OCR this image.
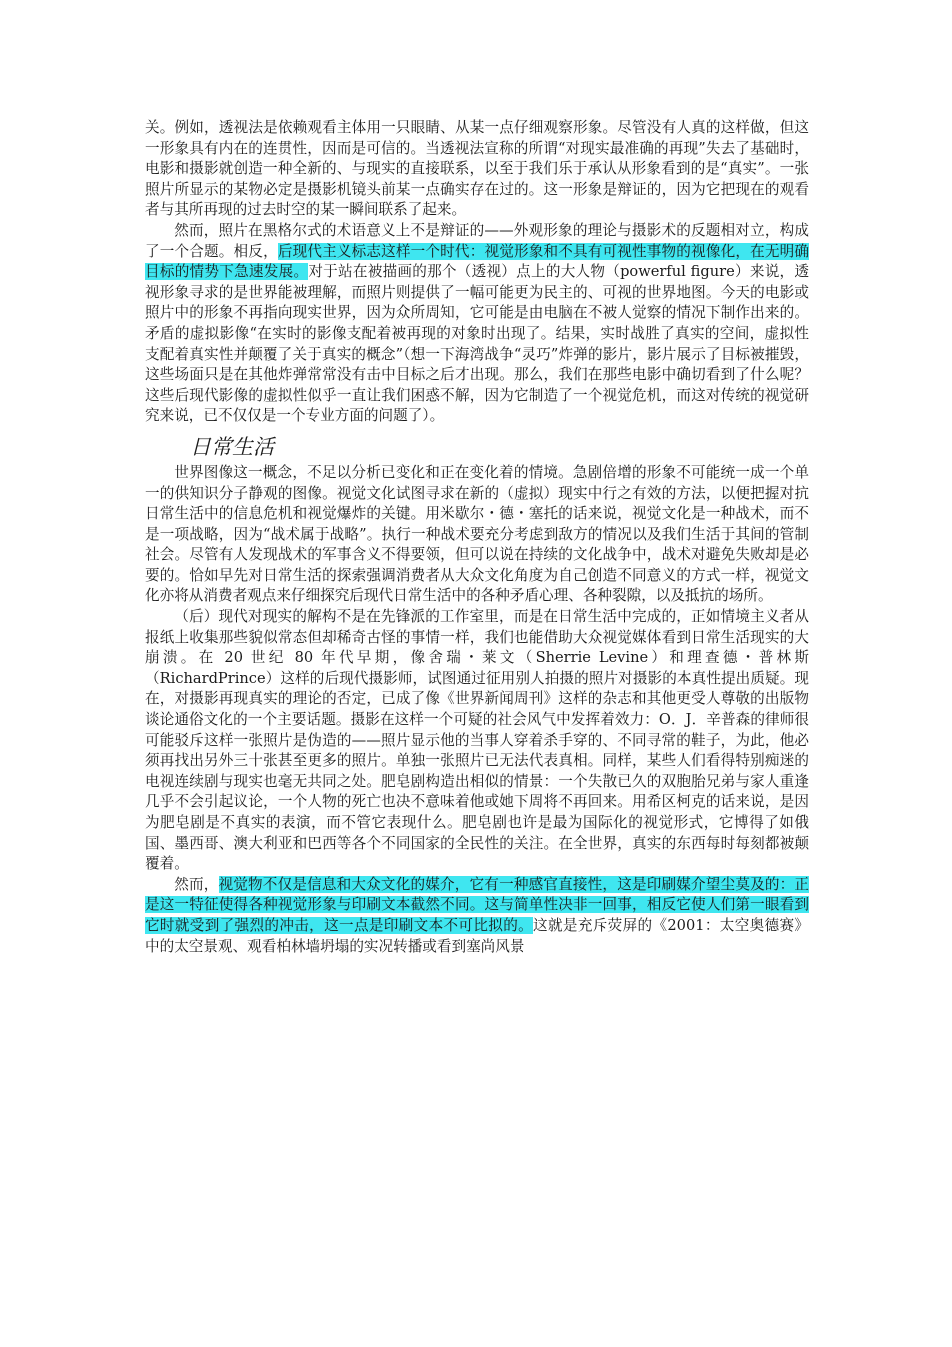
关。例如，透视法是依赖观看主体用一只眼睛、从某一点仔细观察形象。尽管没有人真的这样做，但这一形象具有内在的连贯性，因而是可信的。当透视法宣称的所谓“对现实最准确的再现”失去了基础时，电影和摄影就创造一种全新的、与现实的直接联系，以至于我们乐于承认从形象看到的是“真实”。一张照片所显示的某物必定是摄影机镜头前某一点确实存在过的。这一形象是辩证的，因为它把现在的观看者与其所再现的过去时空的某一瞬间联系了起来。

然而，照片在黑格尔式的术语意义上不是辩证的——外观形象的理论与摄影术的反题相对立，构成了一个合题。相反，后现代主义标志这样一个时代：视觉形象和不具有可视性事物的视像化，在无明确目标的情势下急速发展。对于站在被描画的那个（透视）点上的大人物（powerful figure）来说，透视形象寻求的是世界能被理解，而照片则提供了一幅可能更为民主的、可视的世界地图。今天的电影或照片中的形象不再指向现实世界，因为众所周知，它可能是由电脑在不被人觉察的情况下制作出来的。矛盾的虚拟影像“在实时的影像支配着被再现的对象时出现了。结果，实时战胜了真实的空间，虚拟性支配着真实性并颠覆了关于真实的概念”（想一下海湾战争“灵巧”炸弹的影片，影片展示了目标被摧毁，这些场面只是在其他炸弹常常没有击中目标之后才出现。那么，我们在那些电影中确切看到了什么呢？这些后现代影像的虚拟性似乎一直让我们困惑不解，因为它制造了一个视觉危机，而这对传统的视觉研究来说，已不仅仅是一个专业方面的问题了）。

日常生活

世界图像这一概念，不足以分析已变化和正在变化着的情境。急剧倍增的形象不可能统一成一个单一的供知识分子静观的图像。视觉文化试图寻求在新的（虚拟）现实中行之有效的方法，以便把握对抗日常生活中的信息危机和视觉爆炸的关键。用米歇尔・德・塞托的话来说，视觉文化是一种战术，而不是一项战略，因为“战术属于战略”。执行一种战术要充分考虑到敌方的情况以及我们生活于其间的管制社会。尽管有人发现战术的军事含义不得要领，但可以说在持续的文化战争中，战术对避免失败却是必要的。恰如早先对日常生活的探索强调消费者从大众文化角度为自己创造不同意义的方式一样，视觉文化亦将从消费者观点来仔细探究后现代日常生活中的各种矛盾心理、各种裂隙，以及抵抗的场所。

（后）现代对现实的解构不是在先锋派的工作室里，而是在日常生活中完成的，正如情境主义者从报纸上收集那些貌似常态但却稀奇古怪的事情一样，我们也能借助大众视觉媒体看到日常生活现实的大崩溃。在 20 世纪 80 年代早期，像舍瑞・莱文（Sherrie Levine）和理查德・普林斯（RichardPrince）这样的后现代摄影师，试图通过征用别人拍摄的照片对摄影的本真性提出质疑。现在，对摄影再现真实的理论的否定，已成了像《世界新闻周刊》这样的杂志和其他更受人尊敬的出版物谈论通俗文化的一个主要话题。摄影在这样一个可疑的社会风气中发挥着效力：O．J．辛普森的律师很可能驳斥这样一张照片是伪造的——照片显示他的当事人穿着杀手穿的、不同寻常的鞋子，为此，他必须再找出另外三十张甚至更多的照片。单独一张照片已无法代表真相。同样，某些人们看得特别痴迷的电视连续剧与现实也毫无共同之处。肥皂剧构造出相似的情景：一个失散已久的双胞胎兄弟与家人重逢几乎不会引起议论，一个人物的死亡也决不意味着他或她下周将不再回来。用希区柯克的话来说，是因为肥皂剧是不真实的表演，而不管它表现什么。肥皂剧也许是最为国际化的视觉形式，它博得了如俄国、墨西哥、澳大利亚和巴西等各个不同国家的全民性的关注。在全世界，真实的东西每时每刻都被颠覆着。

然而，视觉物不仅是信息和大众文化的媒介，它有一种感官直接性，这是印刷媒介望尘莫及的：正是这一特征使得各种视觉形象与印刷文本截然不同。这与简单性决非一回事，相反它使人们第一眼看到它时就受到了强烈的冲击，这一点是印刷文本不可比拟的。这就是充斥荧屏的《2001：太空奥德赛》中的太空景观、观看柏林墙坍塌的实况转播或看到塞尚风景
